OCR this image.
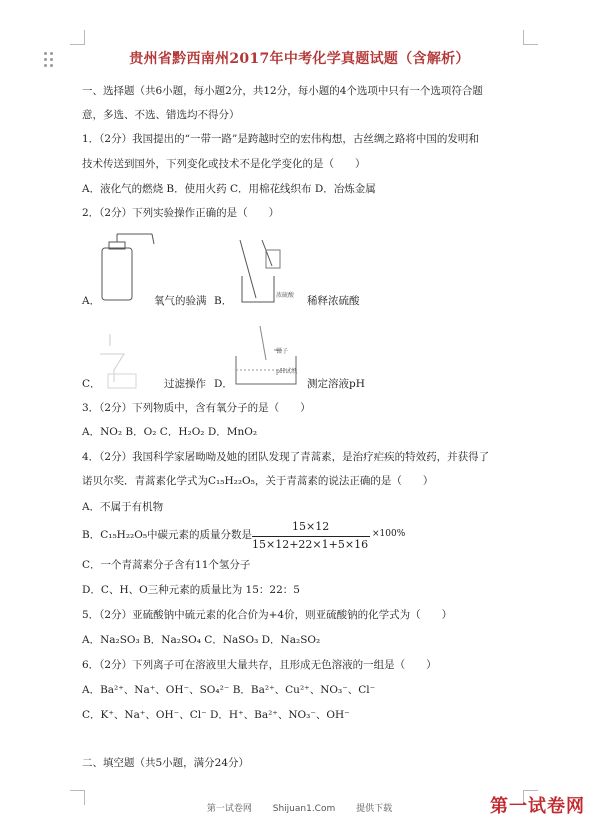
贵州省黔西南州2017年中考化学真题试题（含解析）
一、选择题（共6小题，每小题2分，共12分，每小题的4个选项中只有一个选项符合题
意，多选、不选、错选均不得分）
1．（2分）我国提出的“一带一路”是跨越时空的宏伟构想，古丝绸之路将中国的发明和
技术传送到国外，下列变化或技术不是化学变化的是（　　）
A．液化气的燃烧 B．使用火药 C．用棉花线织布 D．冶炼金属
2．（2分）下列实验操作正确的是（　　）
A．	氧气的验满	浓硫酸
B．	稀释浓硫酸
C．	过滤操作
镊子
pH试纸
D．	测定溶液pH
3．（2分）下列物质中，含有氧分子的是（　　）
A．NO₂ B．O₂ C．H₂O₂ D．MnO₂
4．（2分）我国科学家屠呦呦及她的团队发现了青蒿素，是治疗疟疾的特效药，并获得了
诺贝尔奖．青蒿素化学式为C₁₅H₂₂O₅，关于青蒿素的说法正确的是（　　）
A．不属于有机物
B．C₁₅H₂₂O₅中碳元素的质量分数是
15×12
15×12+22×1+5×16
×100%
C．一个青蒿素分子含有11个氢分子
D．C、H、O三种元素的质量比为 15：22：5
5．（2分）亚硫酸钠中硫元素的化合价为+4价，则亚硫酸钠的化学式为（　　）
A．Na₂SO₃ B．Na₂SO₄ C．NaSO₃ D．Na₂SO₂
6．（2分）下列离子可在溶液里大量共存，且形成无色溶液的一组是（　　）
A．Ba²⁺、Na⁺、OH⁻、SO₄²⁻ B．Ba²⁺、Cu²⁺、NO₃⁻、Cl⁻
C．K⁺、Na⁺、OH⁻、Cl⁻ D．H⁺、Ba²⁺、NO₃⁻、OH⁻
二、填空题（共5小题，满分24分）
第一试卷网 Shijuan1.Com 提供下载	第一试卷网
